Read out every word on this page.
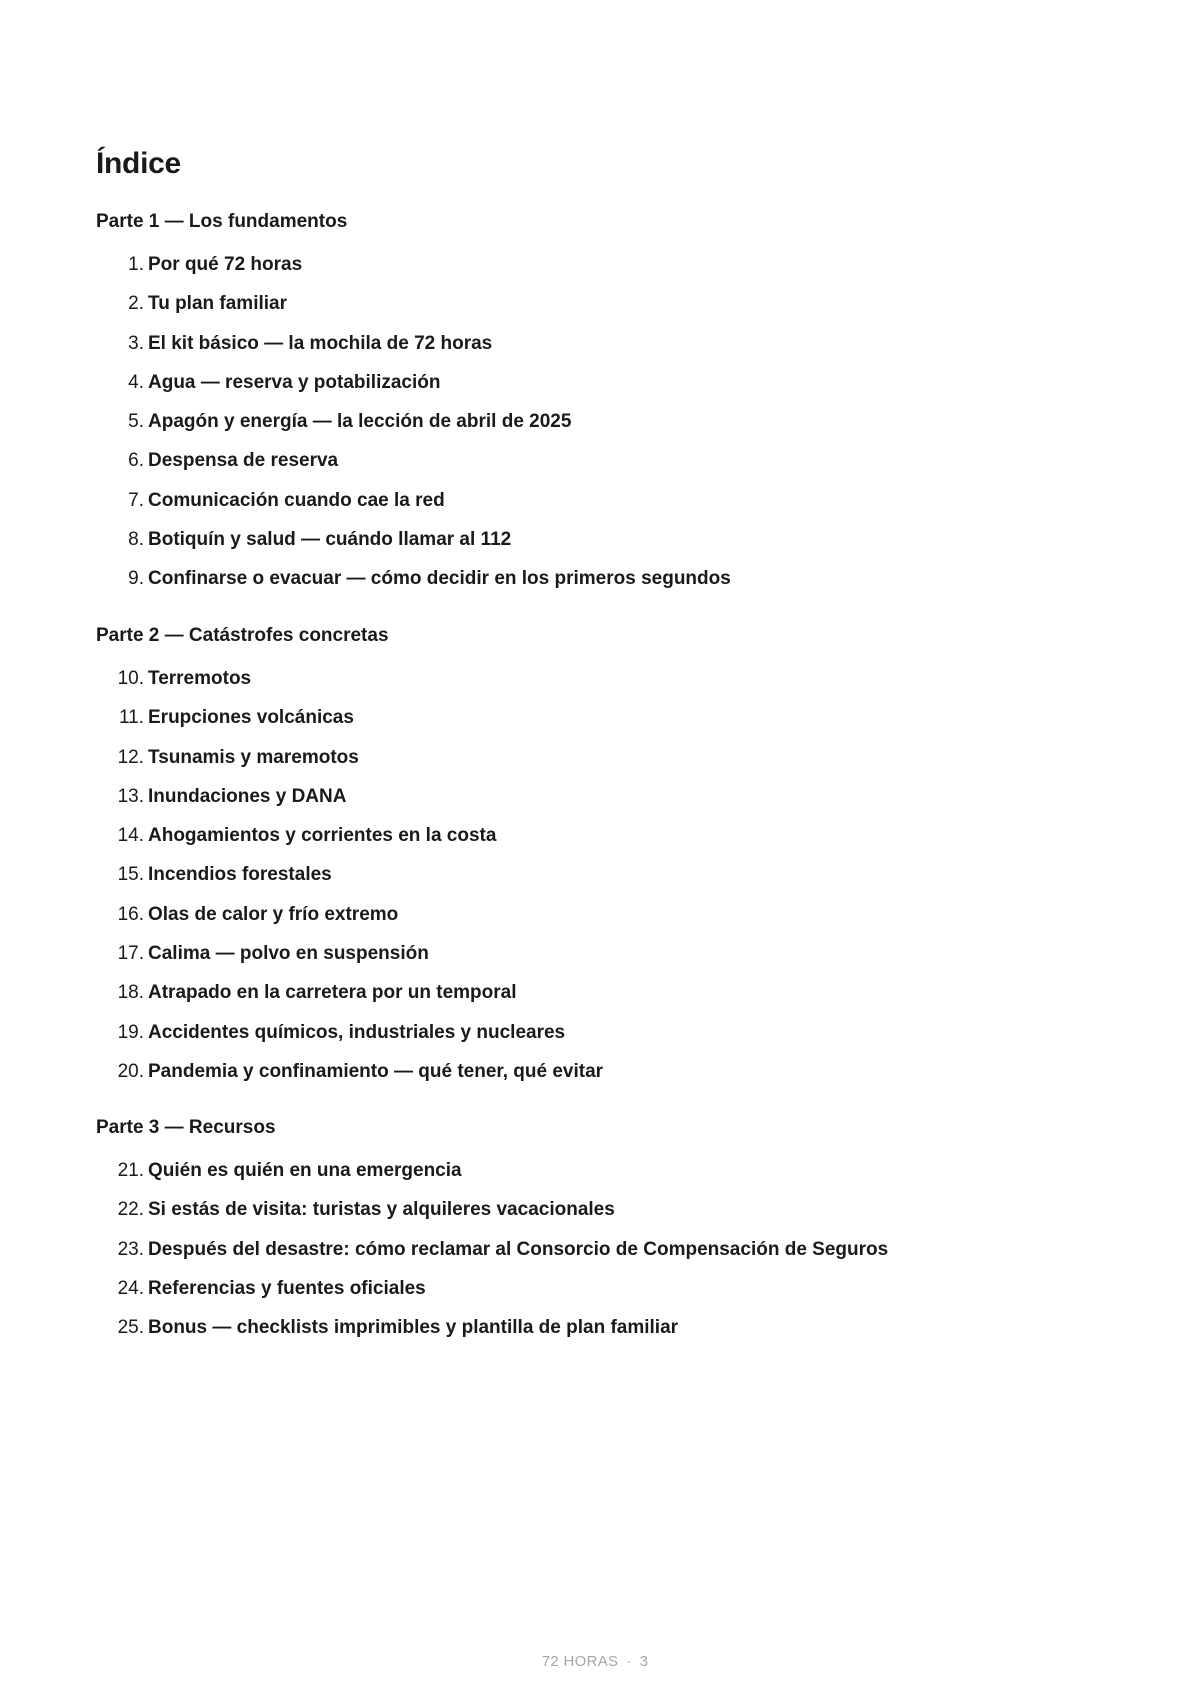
Índice
Parte 1 — Los fundamentos
1. Por qué 72 horas
2. Tu plan familiar
3. El kit básico — la mochila de 72 horas
4. Agua — reserva y potabilización
5. Apagón y energía — la lección de abril de 2025
6. Despensa de reserva
7. Comunicación cuando cae la red
8. Botiquín y salud — cuándo llamar al 112
9. Confinarse o evacuar — cómo decidir en los primeros segundos
Parte 2 — Catástrofes concretas
10. Terremotos
11. Erupciones volcánicas
12. Tsunamis y maremotos
13. Inundaciones y DANA
14. Ahogamientos y corrientes en la costa
15. Incendios forestales
16. Olas de calor y frío extremo
17. Calima — polvo en suspensión
18. Atrapado en la carretera por un temporal
19. Accidentes químicos, industriales y nucleares
20. Pandemia y confinamiento — qué tener, qué evitar
Parte 3 — Recursos
21. Quién es quién en una emergencia
22. Si estás de visita: turistas y alquileres vacacionales
23. Después del desastre: cómo reclamar al Consorcio de Compensación de Seguros
24. Referencias y fuentes oficiales
25. Bonus — checklists imprimibles y plantilla de plan familiar
72 HORAS · 3
